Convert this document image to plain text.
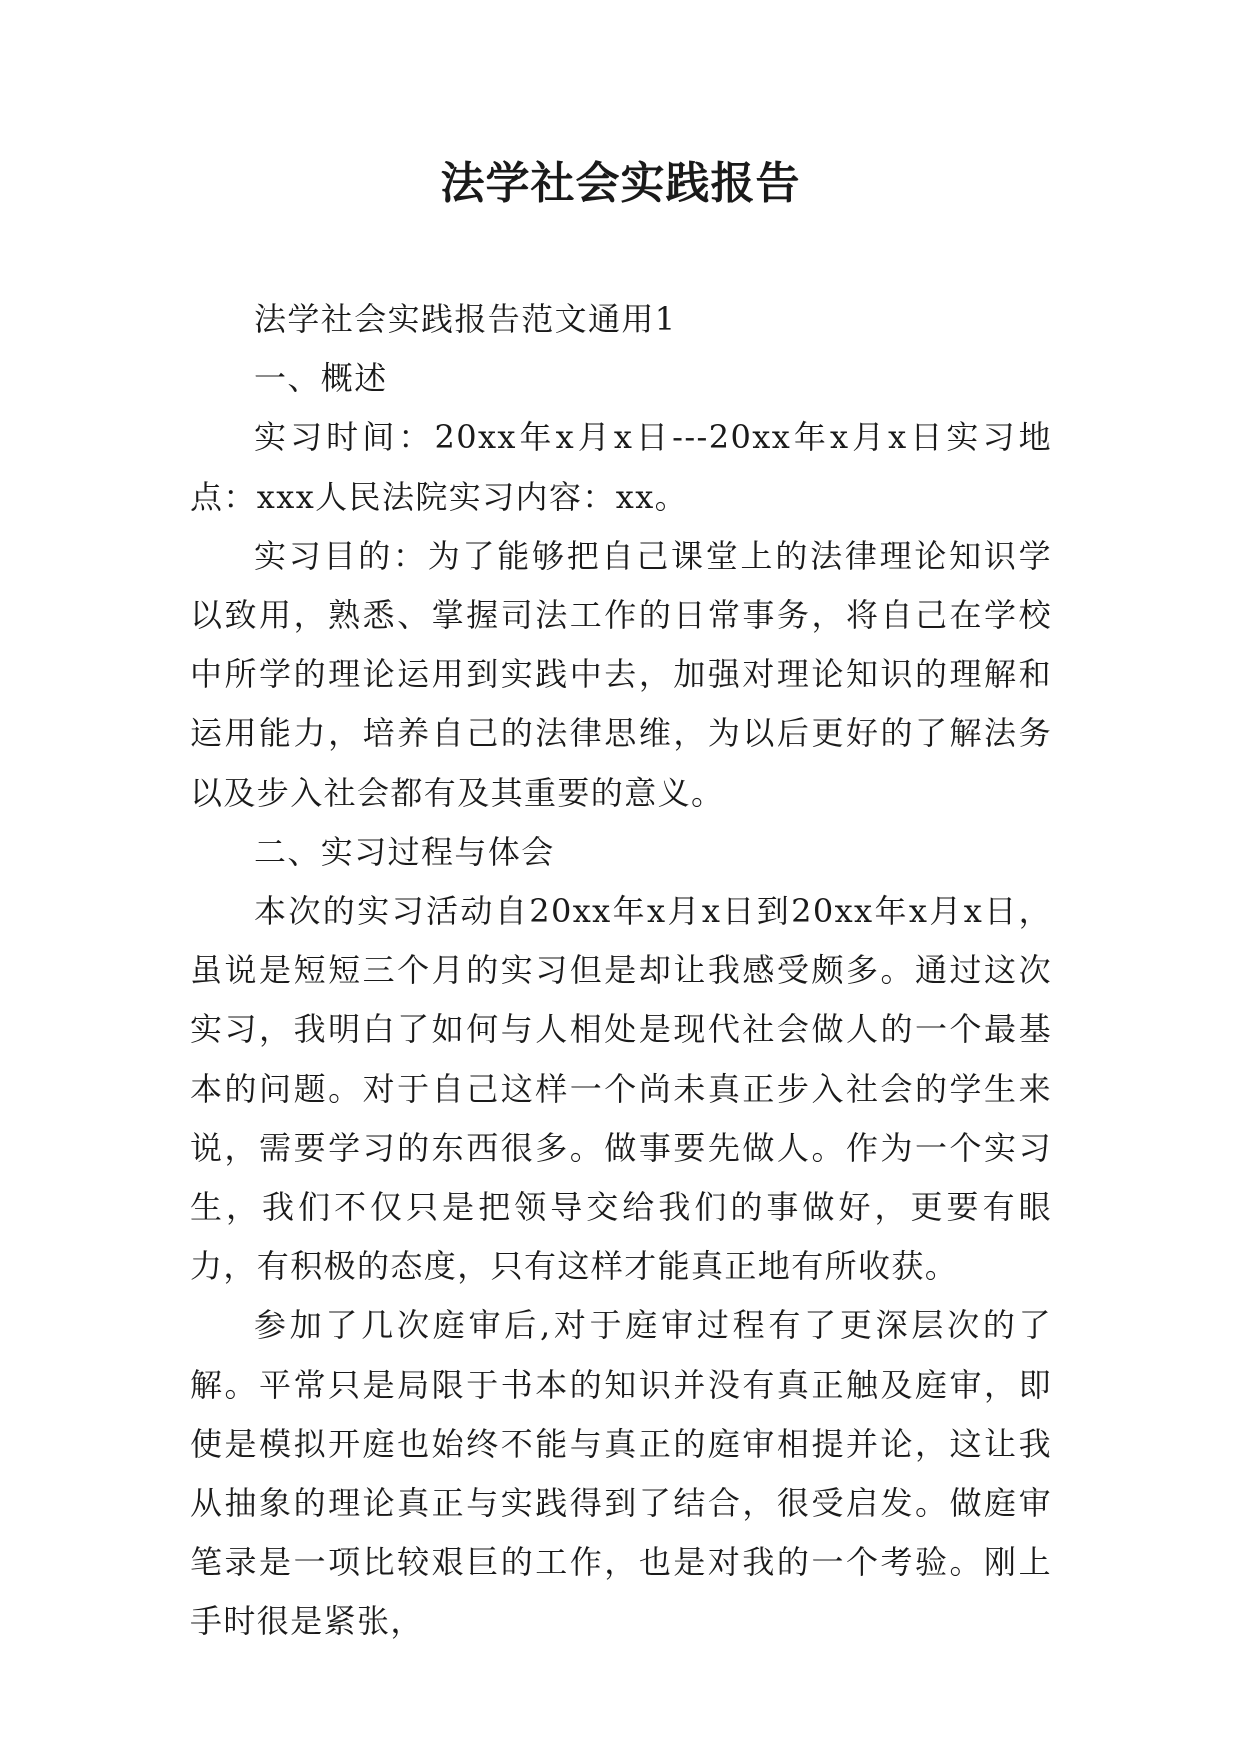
法学社会实践报告

法学社会实践报告范文通用1

一、概述

实习时间：20xx年x月x日---20xx年x月x日实习地点：xxx人民法院实习内容：xx。

实习目的：为了能够把自己课堂上的法律理论知识学以致用，熟悉、掌握司法工作的日常事务，将自己在学校中所学的理论运用到实践中去，加强对理论知识的理解和运用能力，培养自己的法律思维，为以后更好的了解法务以及步入社会都有及其重要的意义。

二、实习过程与体会

本次的实习活动自20xx年x月x日到20xx年x月x日，虽说是短短三个月的实习但是却让我感受颇多。通过这次实习，我明白了如何与人相处是现代社会做人的一个最基本的问题。对于自己这样一个尚未真正步入社会的学生来说，需要学习的东西很多。做事要先做人。作为一个实习生，我们不仅只是把领导交给我们的事做好，更要有眼力，有积极的态度，只有这样才能真正地有所收获。

参加了几次庭审后,对于庭审过程有了更深层次的了解。平常只是局限于书本的知识并没有真正触及庭审，即使是模拟开庭也始终不能与真正的庭审相提并论，这让我从抽象的理论真正与实践得到了结合，很受启发。做庭审笔录是一项比较艰巨的工作，也是对我的一个考验。刚上手时很是紧张，
